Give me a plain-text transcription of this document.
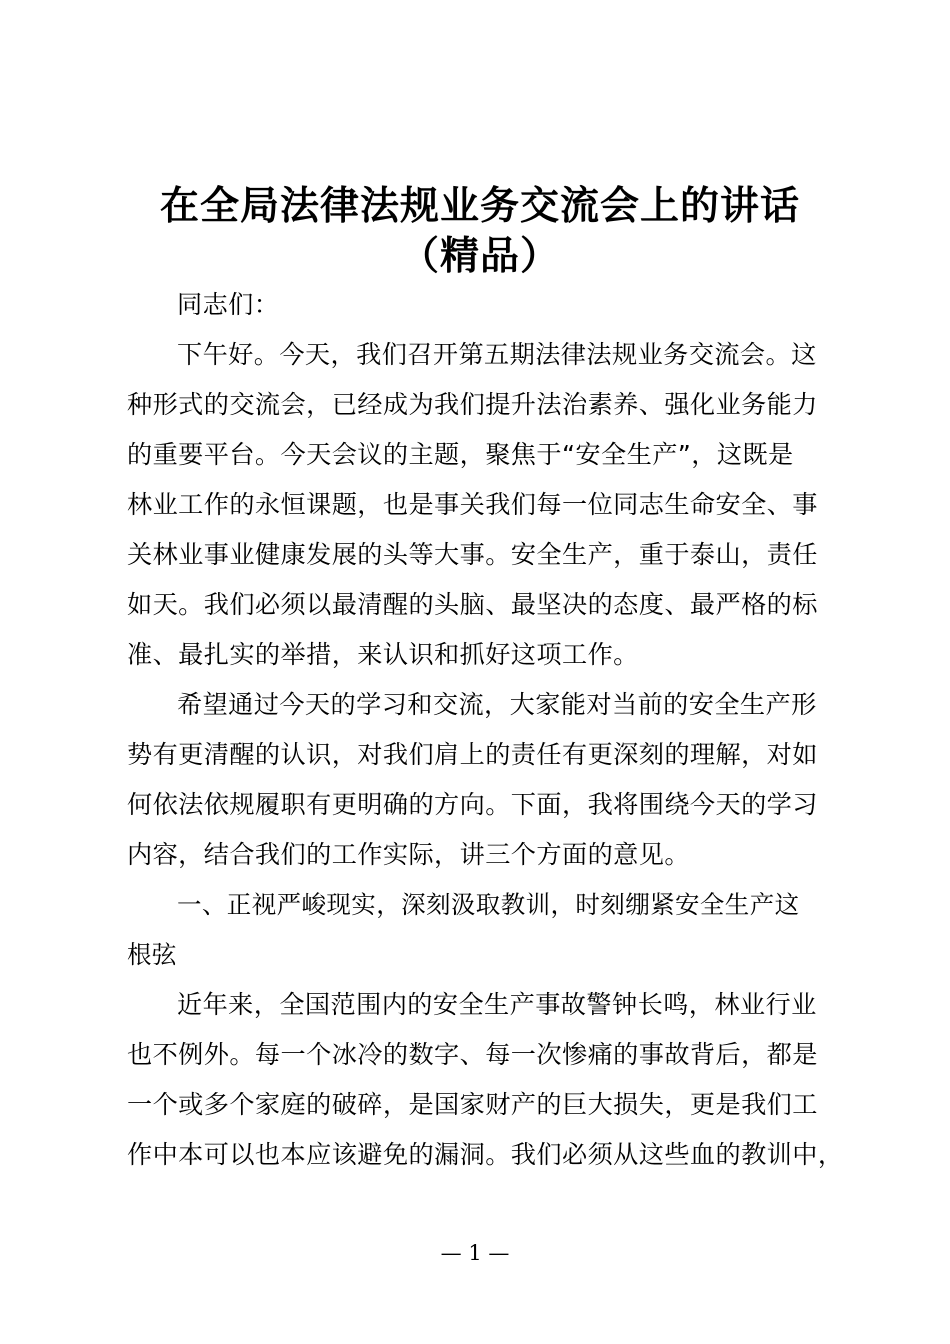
在全局法律法规业务交流会上的讲话
（精品）
同志们：
下午好。今天，我们召开第五期法律法规业务交流会。这
种形式的交流会，已经成为我们提升法治素养、强化业务能力
的重要平台。今天会议的主题，聚焦于“安全生产”，这既是
林业工作的永恒课题，也是事关我们每一位同志生命安全、事
关林业事业健康发展的头等大事。安全生产，重于泰山，责任
如天。我们必须以最清醒的头脑、最坚决的态度、最严格的标
准、最扎实的举措，来认识和抓好这项工作。
希望通过今天的学习和交流，大家能对当前的安全生产形
势有更清醒的认识，对我们肩上的责任有更深刻的理解，对如
何依法依规履职有更明确的方向。下面，我将围绕今天的学习
内容，结合我们的工作实际，讲三个方面的意见。
一、正视严峻现实，深刻汲取教训，时刻绷紧安全生产这
根弦
近年来，全国范围内的安全生产事故警钟长鸣，林业行业
也不例外。每一个冰冷的数字、每一次惨痛的事故背后，都是
一个或多个家庭的破碎，是国家财产的巨大损失，更是我们工
作中本可以也本应该避免的漏洞。我们必须从这些血的教训中，
— 1 —
